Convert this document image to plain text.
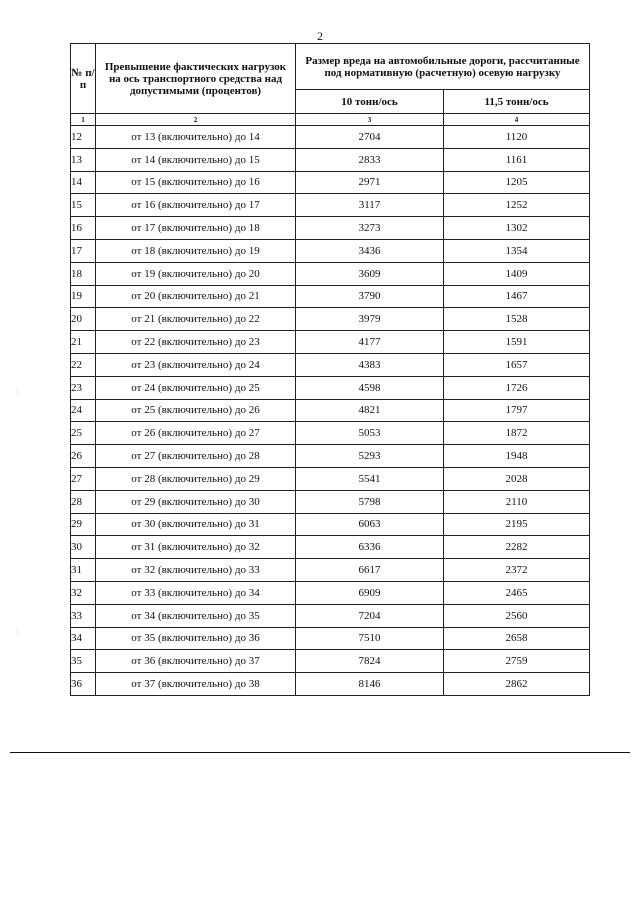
2
·
·
№ п/п	Превышение фактических нагрузок на ось транспортного средства над допустимыми (процентов)	Размер вреда на автомобильные дороги, рассчитанные под нормативную (расчетную) осевую нагрузку	
		10 тонн/ось	11,5 тонн/ось
1	2	3	4
12	от 13 (включительно) до 14	2704	1120
13	от 14 (включительно) до 15	2833	1161
14	от 15 (включительно) до 16	2971	1205
15	от 16 (включительно) до 17	3117	1252
16	от 17 (включительно) до 18	3273	1302
17	от 18 (включительно) до 19	3436	1354
18	от 19 (включительно) до 20	3609	1409
19	от 20 (включительно) до 21	3790	1467
20	от 21 (включительно) до 22	3979	1528
21	от 22 (включительно) до 23	4177	1591
22	от 23 (включительно) до 24	4383	1657
23	от 24 (включительно) до 25	4598	1726
24	от 25 (включительно) до 26	4821	1797
25	от 26 (включительно) до 27	5053	1872
26	от 27 (включительно) до 28	5293	1948
27	от 28 (включительно) до 29	5541	2028
28	от 29 (включительно) до 30	5798	2110
29	от 30 (включительно) до 31	6063	2195
30	от 31 (включительно) до 32	6336	2282
31	от 32 (включительно) до 33	6617	2372
32	от 33 (включительно) до 34	6909	2465
33	от 34 (включительно) до 35	7204	2560
34	от 35 (включительно) до 36	7510	2658
35	от 36 (включительно) до 37	7824	2759
36	от 37 (включительно) до 38	8146	2862
